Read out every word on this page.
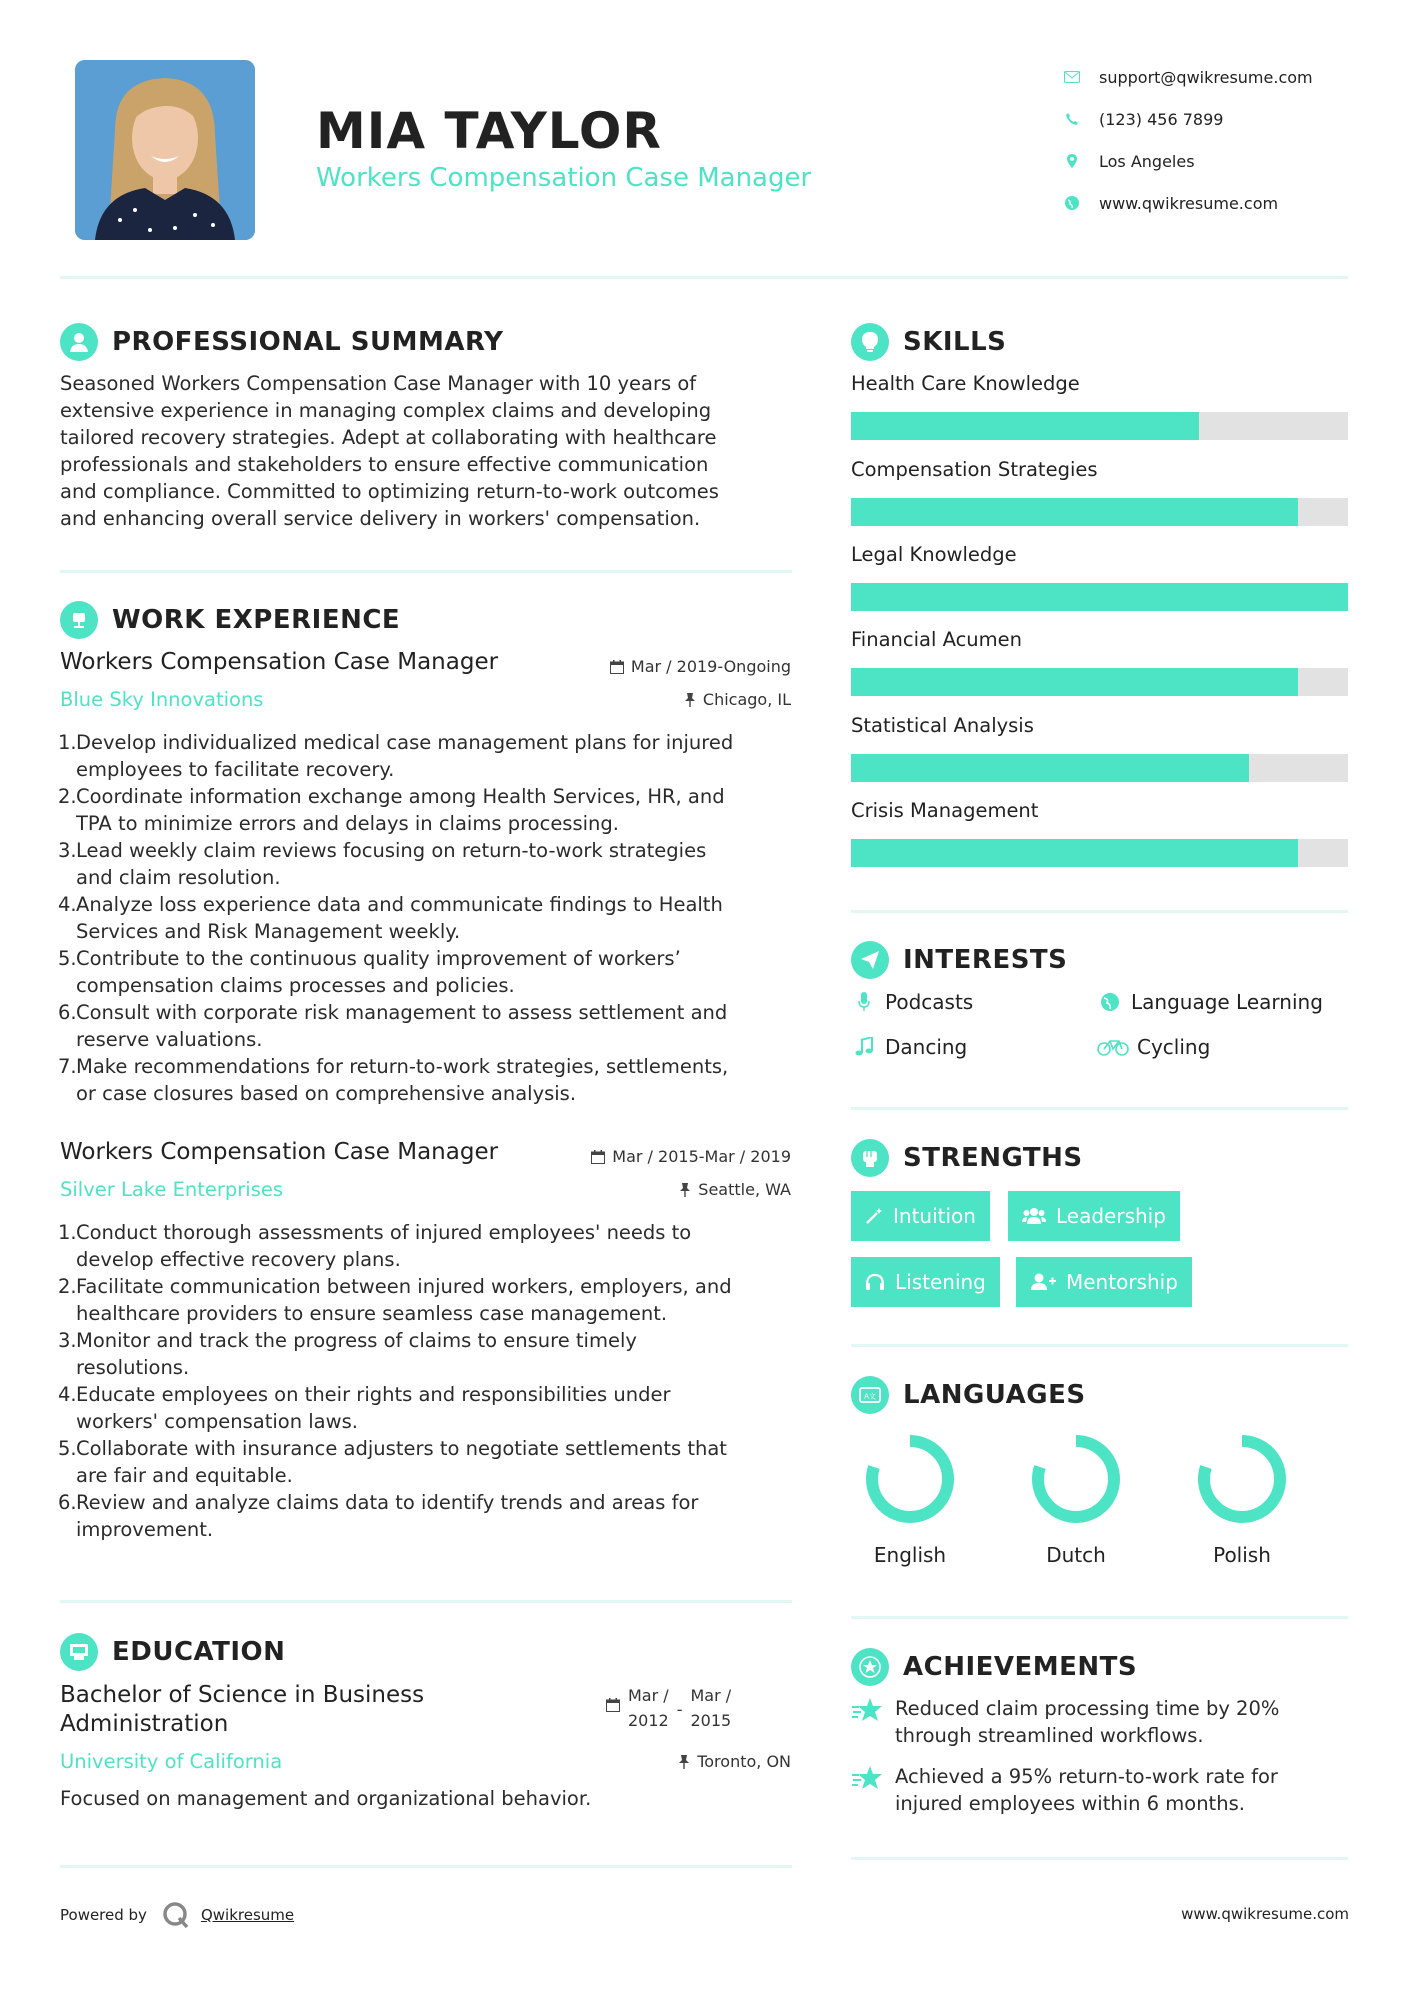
MIA TAYLOR
Workers Compensation Case Manager
support@qwikresume.com
(123) 456 7899
Los Angeles
www.qwikresume.com
PROFESSIONAL SUMMARY
Seasoned Workers Compensation Case Manager with 10 years of
extensive experience in managing complex claims and developing
tailored recovery strategies. Adept at collaborating with healthcare
professionals and stakeholders to ensure effective communication
and compliance. Committed to optimizing return-to-work outcomes
and enhancing overall service delivery in workers' compensation.
WORK EXPERIENCE
Workers Compensation Case Manager	Mar / 2019-Ongoing
Blue Sky Innovations	Chicago, IL
1. Develop individualized medical case management plans for injured
employees to facilitate recovery.
2. Coordinate information exchange among Health Services, HR, and
TPA to minimize errors and delays in claims processing.
3. Lead weekly claim reviews focusing on return-to-work strategies
and claim resolution.
4. Analyze loss experience data and communicate findings to Health
Services and Risk Management weekly.
5. Contribute to the continuous quality improvement of workers’
compensation claims processes and policies.
6. Consult with corporate risk management to assess settlement and
reserve valuations.
7. Make recommendations for return-to-work strategies, settlements,
or case closures based on comprehensive analysis.
Workers Compensation Case Manager	Mar / 2015-Mar / 2019
Silver Lake Enterprises	Seattle, WA
1. Conduct thorough assessments of injured employees' needs to
develop effective recovery plans.
2. Facilitate communication between injured workers, employers, and
healthcare providers to ensure seamless case management.
3. Monitor and track the progress of claims to ensure timely
resolutions.
4. Educate employees on their rights and responsibilities under
workers' compensation laws.
5. Collaborate with insurance adjusters to negotiate settlements that
are fair and equitable.
6. Review and analyze claims data to identify trends and areas for
improvement.
EDUCATION
Bachelor of Science in Business
Administration
Mar /
2012
-
Mar /
2015
University of California	Toronto, ON
Focused on management and organizational behavior.
SKILLS
Health Care Knowledge
Compensation Strategies
Legal Knowledge
Financial Acumen
Statistical Analysis
Crisis Management
INTERESTS
Podcasts	Language Learning
Dancing	Cycling
STRENGTHS
Intuition	Leadership
Listening	Mentorship
A文 LANGUAGES
English	Dutch	Polish
ACHIEVEMENTS
Reduced claim processing time by 20%
through streamlined workflows.
Achieved a 95% return-to-work rate for
injured employees within 6 months.
Powered by	Qwikresume	www.qwikresume.com
